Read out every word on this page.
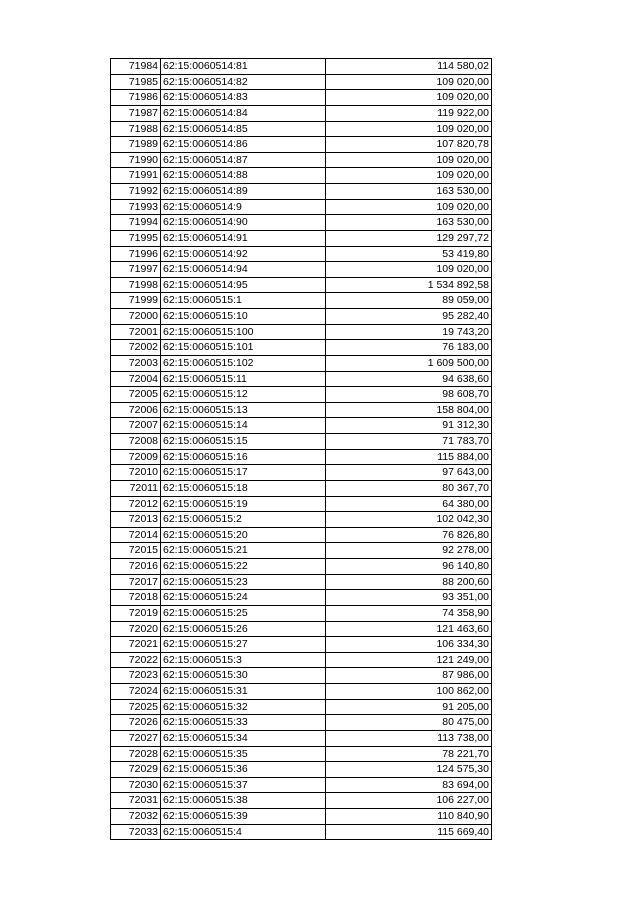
71984	62:15:0060514:81	114 580,02
71985	62:15:0060514:82	109 020,00
71986	62:15:0060514:83	109 020,00
71987	62:15:0060514:84	119 922,00
71988	62:15:0060514:85	109 020,00
71989	62:15:0060514:86	107 820,78
71990	62:15:0060514:87	109 020,00
71991	62:15:0060514:88	109 020,00
71992	62:15:0060514:89	163 530,00
71993	62:15:0060514:9	109 020,00
71994	62:15:0060514:90	163 530,00
71995	62:15:0060514:91	129 297,72
71996	62:15:0060514:92	53 419,80
71997	62:15:0060514:94	109 020,00
71998	62:15:0060514:95	1 534 892,58
71999	62:15:0060515:1	89 059,00
72000	62:15:0060515:10	95 282,40
72001	62:15:0060515:100	19 743,20
72002	62:15:0060515:101	76 183,00
72003	62:15:0060515:102	1 609 500,00
72004	62:15:0060515:11	94 638,60
72005	62:15:0060515:12	98 608,70
72006	62:15:0060515:13	158 804,00
72007	62:15:0060515:14	91 312,30
72008	62:15:0060515:15	71 783,70
72009	62:15:0060515:16	115 884,00
72010	62:15:0060515:17	97 643,00
72011	62:15:0060515:18	80 367,70
72012	62:15:0060515:19	64 380,00
72013	62:15:0060515:2	102 042,30
72014	62:15:0060515:20	76 826,80
72015	62:15:0060515:21	92 278,00
72016	62:15:0060515:22	96 140,80
72017	62:15:0060515:23	88 200,60
72018	62:15:0060515:24	93 351,00
72019	62:15:0060515:25	74 358,90
72020	62:15:0060515:26	121 463,60
72021	62:15:0060515:27	106 334,30
72022	62:15:0060515:3	121 249,00
72023	62:15:0060515:30	87 986,00
72024	62:15:0060515:31	100 862,00
72025	62:15:0060515:32	91 205,00
72026	62:15:0060515:33	80 475,00
72027	62:15:0060515:34	113 738,00
72028	62:15:0060515:35	78 221,70
72029	62:15:0060515:36	124 575,30
72030	62:15:0060515:37	83 694,00
72031	62:15:0060515:38	106 227,00
72032	62:15:0060515:39	110 840,90
72033	62:15:0060515:4	115 669,40
